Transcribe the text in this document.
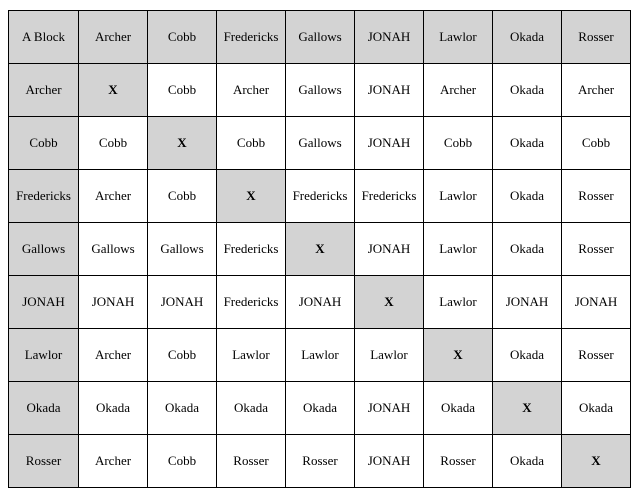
A Block	Archer	Cobb	Fredericks	Gallows	JONAH	Lawlor	Okada	Rosser
Archer	X	Cobb	Archer	Gallows	JONAH	Archer	Okada	Archer
Cobb	Cobb	X	Cobb	Gallows	JONAH	Cobb	Okada	Cobb
Fredericks	Archer	Cobb	X	Fredericks	Fredericks	Lawlor	Okada	Rosser
Gallows	Gallows	Gallows	Fredericks	X	JONAH	Lawlor	Okada	Rosser
JONAH	JONAH	JONAH	Fredericks	JONAH	X	Lawlor	JONAH	JONAH
Lawlor	Archer	Cobb	Lawlor	Lawlor	Lawlor	X	Okada	Rosser
Okada	Okada	Okada	Okada	Okada	JONAH	Okada	X	Okada
Rosser	Archer	Cobb	Rosser	Rosser	JONAH	Rosser	Okada	X
